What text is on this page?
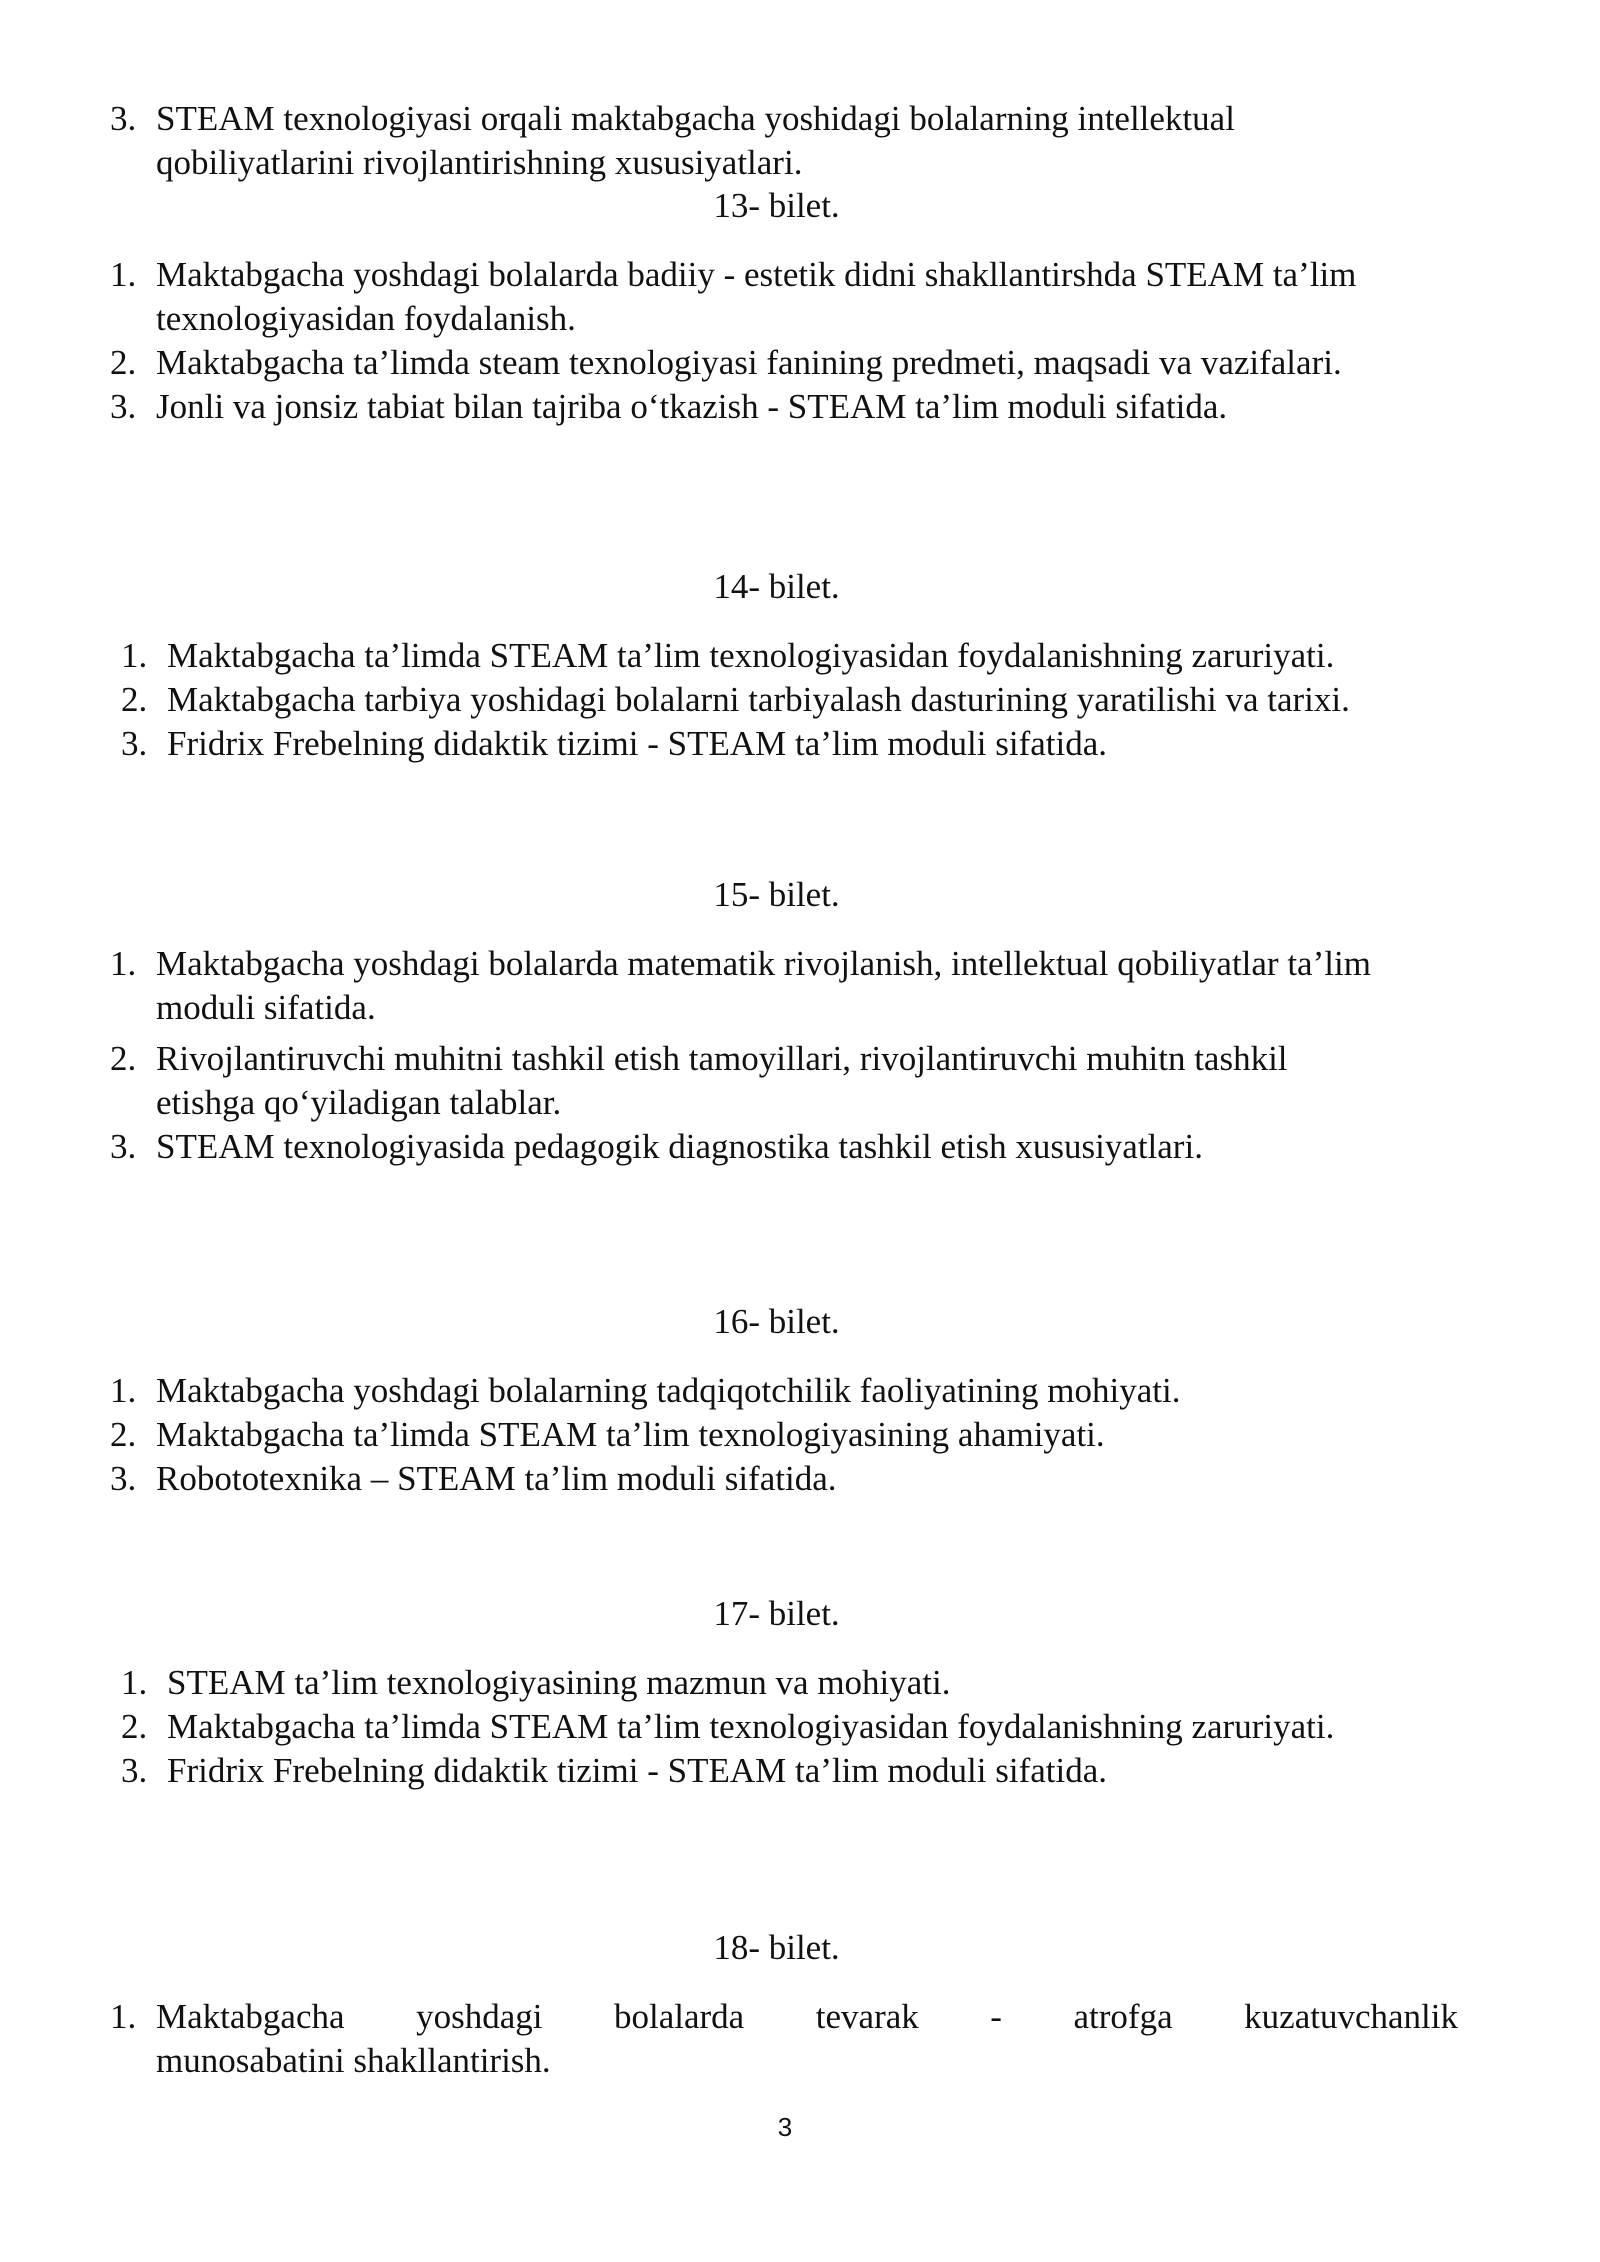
3. STEAM texnologiyasi orqali maktabgacha yoshidagi bolalarning intellektual
qobiliyatlarini rivojlantirishning xususiyatlari.
13- bilet.
1. Maktabgacha yoshdagi bolalarda badiiy - estetik didni shakllantirshda STEAM ta’lim
texnologiyasidan foydalanish.
2. Maktabgacha ta’limda steam texnologiyasi fanining predmeti, maqsadi va vazifalari.
3. Jonli va jonsiz tabiat bilan tajriba o‘tkazish - STEAM ta’lim moduli sifatida.
14- bilet.
1. Maktabgacha ta’limda STEAM ta’lim texnologiyasidan foydalanishning zaruriyati.
2. Maktabgacha tarbiya yoshidagi bolalarni tarbiyalash dasturining yaratilishi va tarixi.
3. Fridrix Frebelning didaktik tizimi - STEAM ta’lim moduli sifatida.
15- bilet.
1. Maktabgacha yoshdagi bolalarda matematik rivojlanish, intellektual qobiliyatlar ta’lim
moduli sifatida.
2. Rivojlantiruvchi muhitni tashkil etish tamoyillari, rivojlantiruvchi muhitn tashkil
etishga qo‘yiladigan talablar.
3. STEAM texnologiyasida pedagogik diagnostika tashkil etish xususiyatlari.
16- bilet.
1. Maktabgacha yoshdagi bolalarning tadqiqotchilik faoliyatining mohiyati.
2. Maktabgacha ta’limda STEAM ta’lim texnologiyasining ahamiyati.
3. Robototexnika – STEAM ta’lim moduli sifatida.
17- bilet.
1. STEAM ta’lim texnologiyasining mazmun va mohiyati.
2. Maktabgacha ta’limda STEAM ta’lim texnologiyasidan foydalanishning zaruriyati.
3. Fridrix Frebelning didaktik tizimi - STEAM ta’lim moduli sifatida.
18- bilet.
1. Maktabgacha yoshdagi bolalarda tevarak - atrofga kuzatuvchanlik
munosabatini shakllantirish.
3
